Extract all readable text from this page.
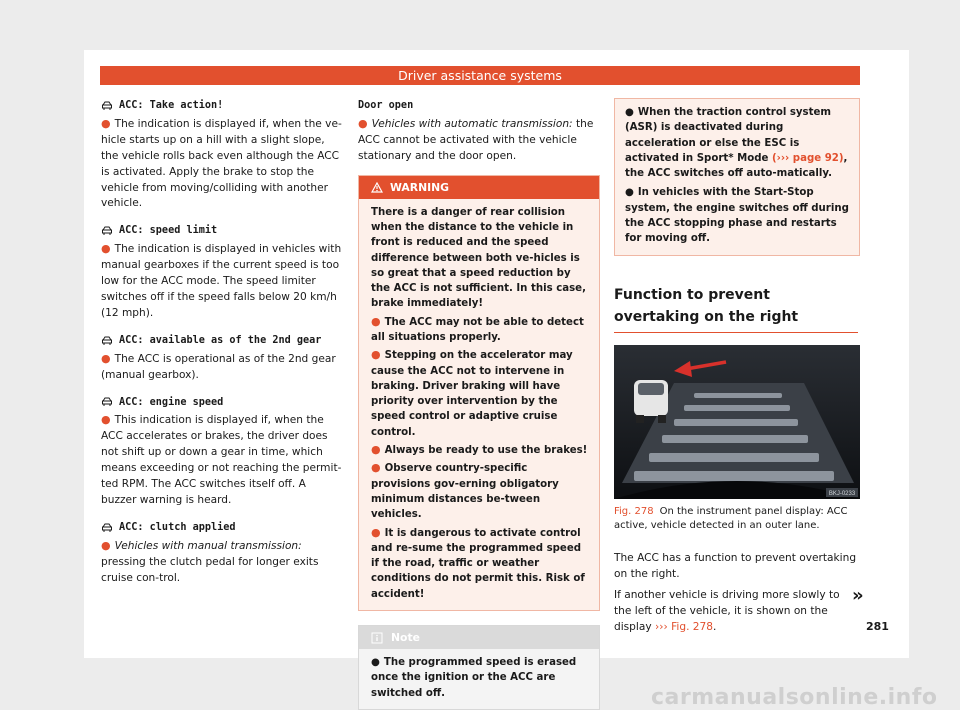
Driver assistance systems
ACC: Take action!

● The indication is displayed if, when the ve-hicle starts up on a hill with a slight slope, the vehicle rolls back even although the ACC is activated. Apply the brake to stop the vehicle from moving/colliding with another vehicle.

ACC: speed limit

● The indication is displayed in vehicles with manual gearboxes if the current speed is too low for the ACC mode. The speed limiter switches off if the speed falls below 20 km/h (12 mph).

ACC: available as of the 2nd gear

● The ACC is operational as of the 2nd gear (manual gearbox).

ACC: engine speed

● This indication is displayed if, when the ACC accelerates or brakes, the driver does not shift up or down a gear in time, which means exceeding or not reaching the permit-ted RPM. The ACC switches itself off. A buzzer warning is heard.

ACC: clutch applied

● Vehicles with manual transmission: pressing the clutch pedal for longer exits cruise con-trol.

Door open

● Vehicles with automatic transmission: the ACC cannot be activated with the vehicle stationary and the door open.

WARNING

There is a danger of rear collision when the distance to the vehicle in front is reduced and the speed difference between both ve-hicles is so great that a speed reduction by the ACC is not sufficient. In this case, brake immediately!

● The ACC may not be able to detect all situations properly.

● Stepping on the accelerator may cause the ACC not to intervene in braking. Driver braking will have priority over intervention by the speed control or adaptive cruise control.

● Always be ready to use the brakes!

● Observe country-specific provisions gov-erning obligatory minimum distances be-tween vehicles.

● It is dangerous to activate control and re-sume the programmed speed if the road, traffic or weather conditions do not permit this. Risk of accident!

Note

● The programmed speed is erased once the ignition or the ACC are switched off.

● When the traction control system (ASR) is deactivated during acceleration or else the ESC is activated in Sport* Mode (››› page 92), the ACC switches off auto-matically.

● In vehicles with the Start-Stop system, the engine switches off during the ACC stopping phase and restarts for moving off.

Function to prevent overtaking on the right
BKJ-0233
Fig. 278 On the instrument panel display: ACC active, vehicle detected in an outer lane.

The ACC has a function to prevent overtaking on the right.

If another vehicle is driving more slowly to the left of the vehicle, it is shown on the display ››› Fig. 278.

»
281
carmanualsonline.info
